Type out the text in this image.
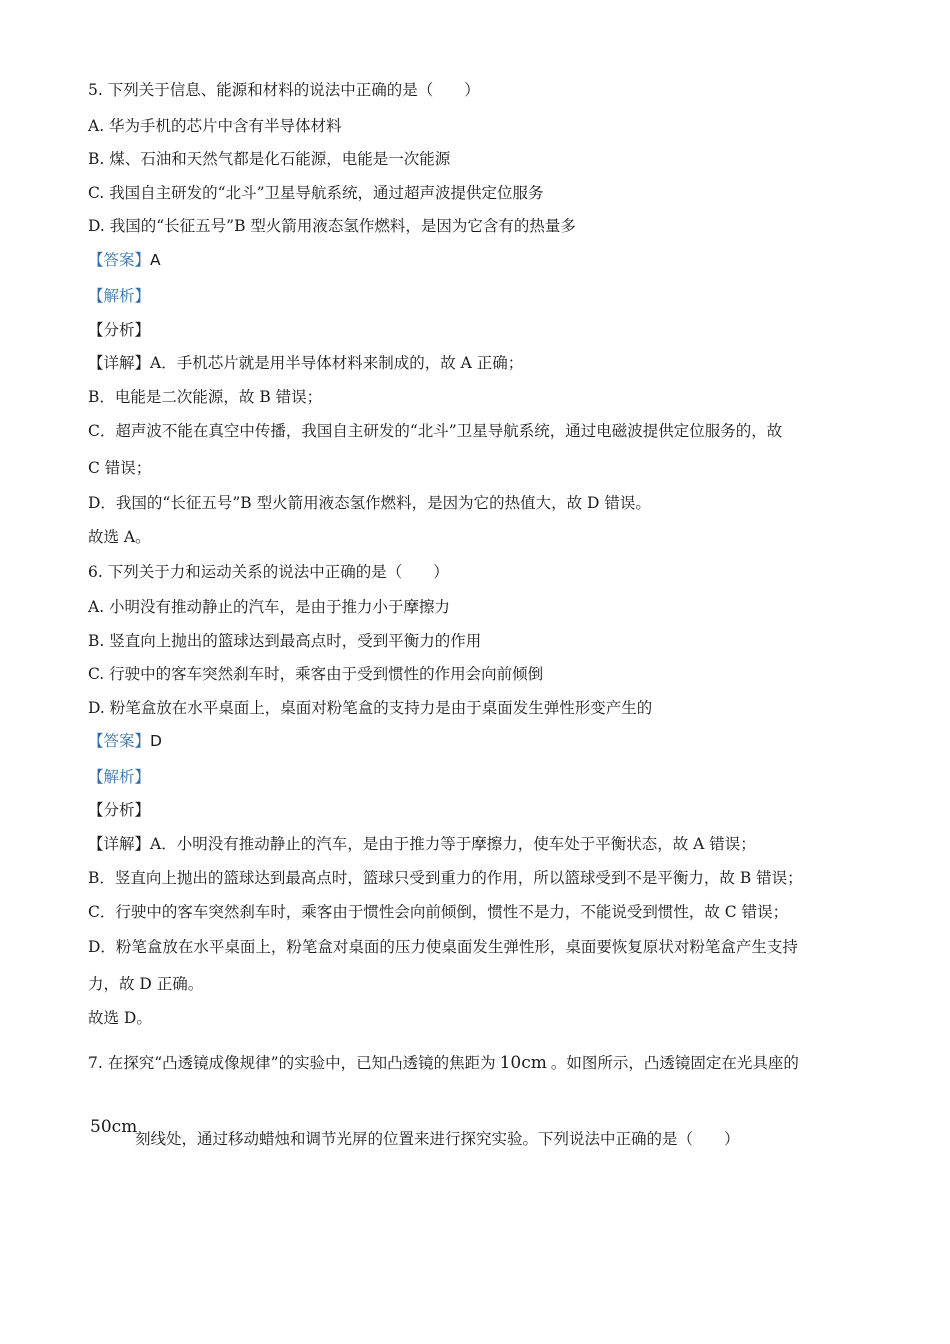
5. 下列关于信息、能源和材料的说法中正确的是（　　）
A. 华为手机的芯片中含有半导体材料
B. 煤、石油和天然气都是化石能源，电能是一次能源
C. 我国自主研发的“北斗”卫星导航系统，通过超声波提供定位服务
D. 我国的“长征五号”B 型火箭用液态氢作燃料，是因为它含有的热量多
【答案】A
【解析】
【分析】
【详解】A．手机芯片就是用半导体材料来制成的，故 A 正确；
B．电能是二次能源，故 B 错误；
C．超声波不能在真空中传播，我国自主研发的“北斗”卫星导航系统，通过电磁波提供定位服务的，故
C 错误；
D．我国的“长征五号”B 型火箭用液态氢作燃料，是因为它的热值大，故 D 错误。
故选 A。
6. 下列关于力和运动关系的说法中正确的是（　　）
A. 小明没有推动静止的汽车，是由于推力小于摩擦力
B. 竖直向上抛出的篮球达到最高点时，受到平衡力的作用
C. 行驶中的客车突然刹车时，乘客由于受到惯性的作用会向前倾倒
D. 粉笔盒放在水平桌面上，桌面对粉笔盒的支持力是由于桌面发生弹性形变产生的
【答案】D
【解析】
【分析】
【详解】A．小明没有推动静止的汽车，是由于推力等于摩擦力，使车处于平衡状态，故 A 错误；
B．竖直向上抛出的篮球达到最高点时，篮球只受到重力的作用，所以篮球受到不是平衡力，故 B 错误；
C．行驶中的客车突然刹车时，乘客由于惯性会向前倾倒，惯性不是力，不能说受到惯性，故 C 错误；
D．粉笔盒放在水平桌面上，粉笔盒对桌面的压力使桌面发生弹性形，桌面要恢复原状对粉笔盒产生支持
力，故 D 正确。
故选 D。
7. 在探究“凸透镜成像规律”的实验中，已知凸透镜的焦距为 10cm 。如图所示，凸透镜固定在光具座的
50cm
刻线处，通过移动蜡烛和调节光屏的位置来进行探究实验。下列说法中正确的是（　　）
